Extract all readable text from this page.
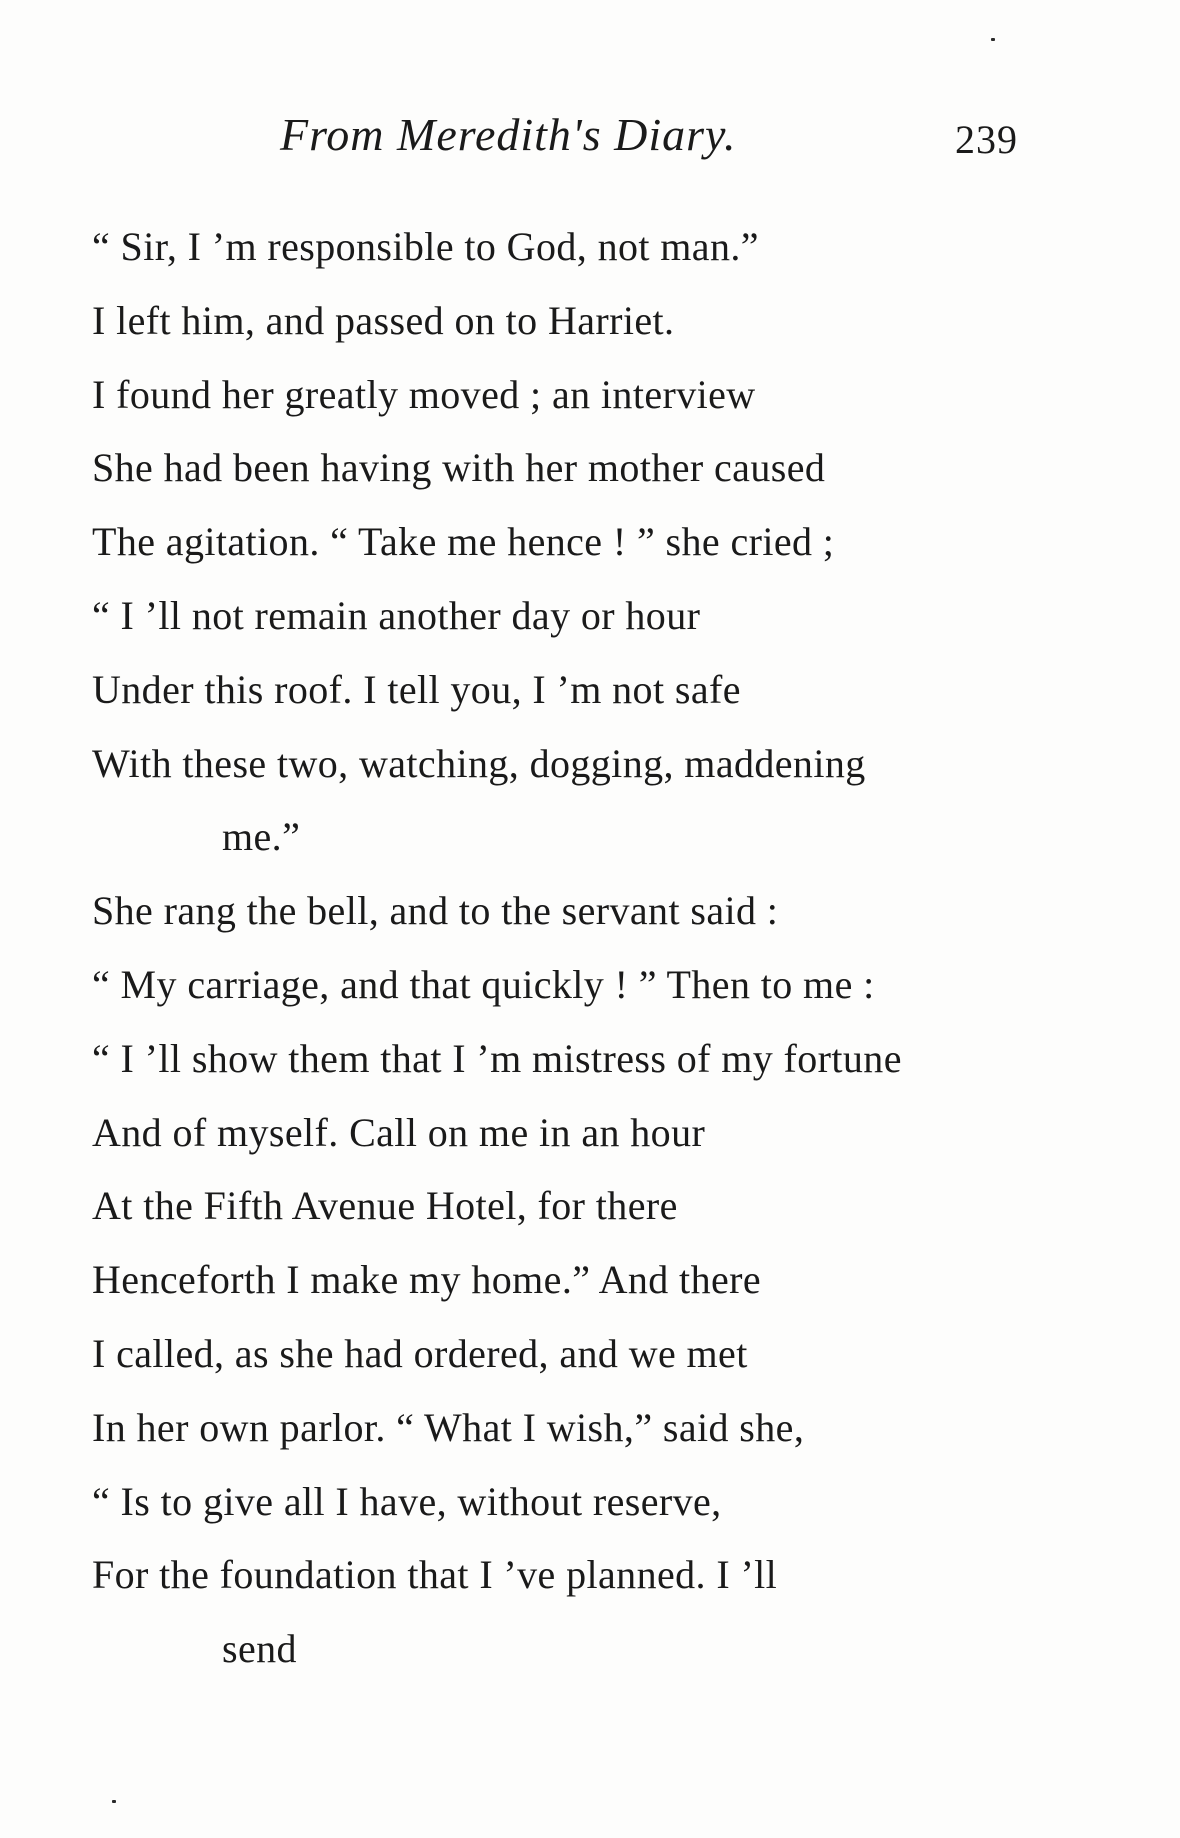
From Meredith's Diary.	239
“ Sir, I ’m responsible to God, not man.”
I left him, and passed on to Harriet.
I found her greatly moved ; an interview
She had been having with her mother caused
The agitation. “ Take me hence ! ” she cried ;
“ I ’ll not remain another day or hour
Under this roof. I tell you, I ’m not safe
With these two, watching, dogging, maddening
me.”
She rang the bell, and to the servant said :
“ My carriage, and that quickly ! ” Then to me :
“ I ’ll show them that I ’m mistress of my fortune
And of myself. Call on me in an hour
At the Fifth Avenue Hotel, for there
Henceforth I make my home.” And there
I called, as she had ordered, and we met
In her own parlor. “ What I wish,” said she,
“ Is to give all I have, without reserve,
For the foundation that I ’ve planned. I ’ll
send
